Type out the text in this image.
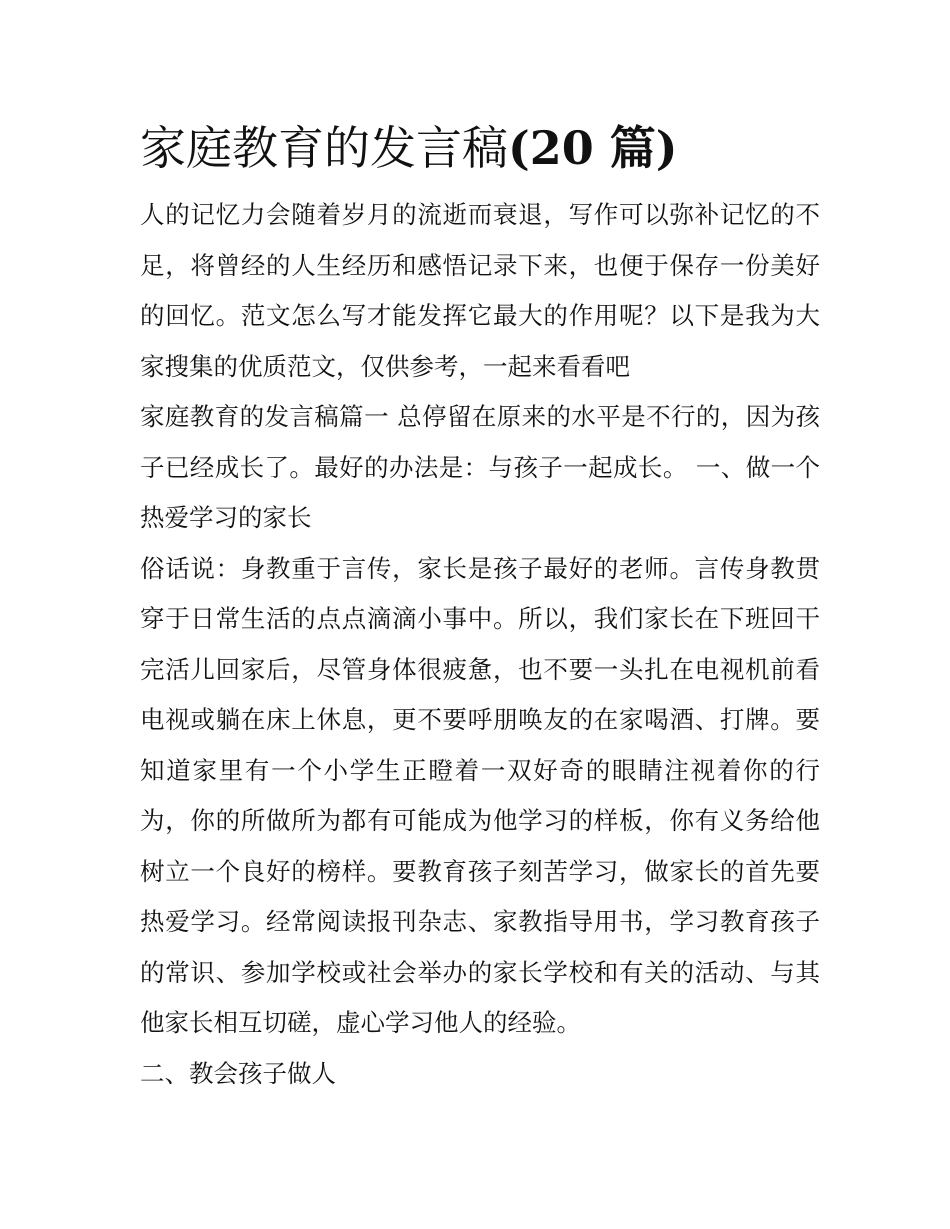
家庭教育的发言稿(20 篇)

人的记忆力会随着岁月的流逝而衰退，写作可以弥补记忆的不足，将曾经的人生经历和感悟记录下来，也便于保存一份美好的回忆。范文怎么写才能发挥它最大的作用呢？以下是我为大家搜集的优质范文，仅供参考，一起来看看吧

家庭教育的发言稿篇一 总停留在原来的水平是不行的，因为孩子已经成长了。最好的办法是：与孩子一起成长。 一、做一个热爱学习的家长

俗话说：身教重于言传，家长是孩子最好的老师。言传身教贯穿于日常生活的点点滴滴小事中。所以，我们家长在下班回干完活儿回家后，尽管身体很疲惫，也不要一头扎在电视机前看电视或躺在床上休息，更不要呼朋唤友的在家喝酒、打牌。要知道家里有一个小学生正瞪着一双好奇的眼睛注视着你的行为，你的所做所为都有可能成为他学习的样板，你有义务给他树立一个良好的榜样。要教育孩子刻苦学习，做家长的首先要热爱学习。经常阅读报刊杂志、家教指导用书，学习教育孩子的常识、参加学校或社会举办的家长学校和有关的活动、与其他家长相互切磋，虚心学习他人的经验。

二、教会孩子做人
